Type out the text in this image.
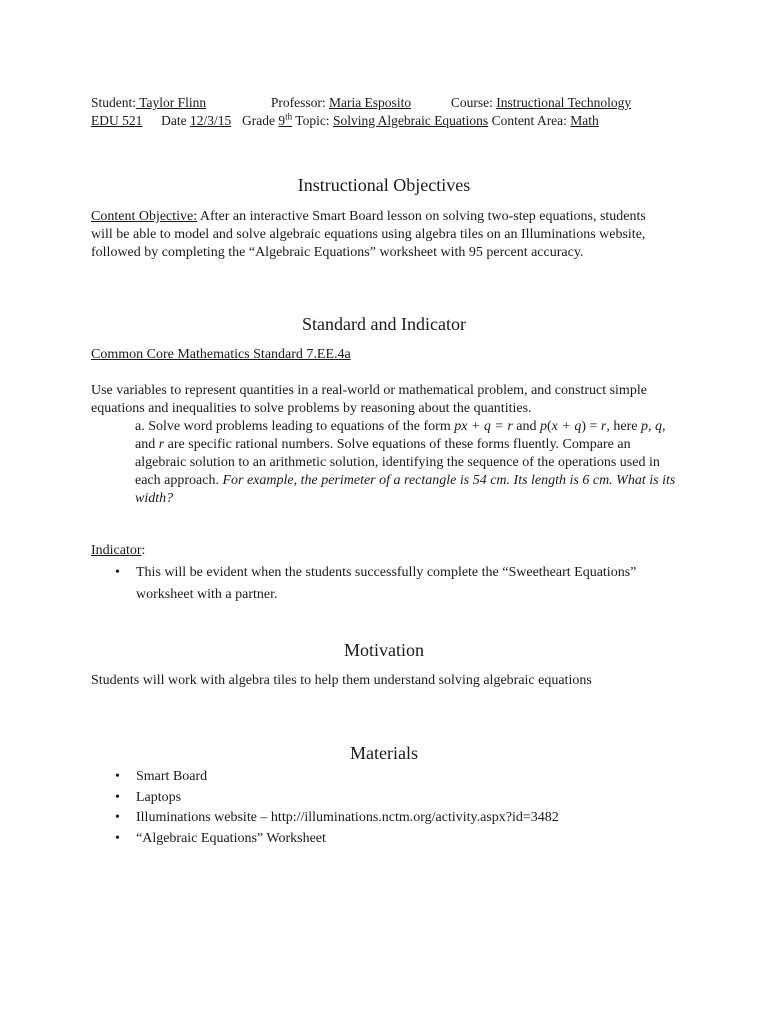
Student: Taylor Flinn	Professor: Maria Esposito	Course: Instructional Technology
EDU 521 Date 12/3/15 Grade 9th Topic: Solving Algebraic Equations Content Area: Math
Instructional Objectives

Content Objective: After an interactive Smart Board lesson on solving two-step equations, students will be able to model and solve algebraic equations using algebra tiles on an Illuminations website, followed by completing the “Algebraic Equations” worksheet with 95 percent accuracy.

Standard and Indicator

Common Core Mathematics Standard 7.EE.4a

Use variables to represent quantities in a real-world or mathematical problem, and construct simple equations and inequalities to solve problems by reasoning about the quantities.

a. Solve word problems leading to equations of the form px + q = r and p(x + q) = r, here p, q, and r are specific rational numbers. Solve equations of these forms fluently. Compare an algebraic solution to an arithmetic solution, identifying the sequence of the operations used in each approach. For example, the perimeter of a rectangle is 54 cm. Its length is 6 cm. What is its width?

Indicator:

• This will be evident when the students successfully complete the “Sweetheart Equations” worksheet with a partner.
Motivation

Students will work with algebra tiles to help them understand solving algebraic equations

Materials
• Smart Board
• Laptops
• Illuminations website – http://illuminations.nctm.org/activity.aspx?id=3482
• “Algebraic Equations” Worksheet
